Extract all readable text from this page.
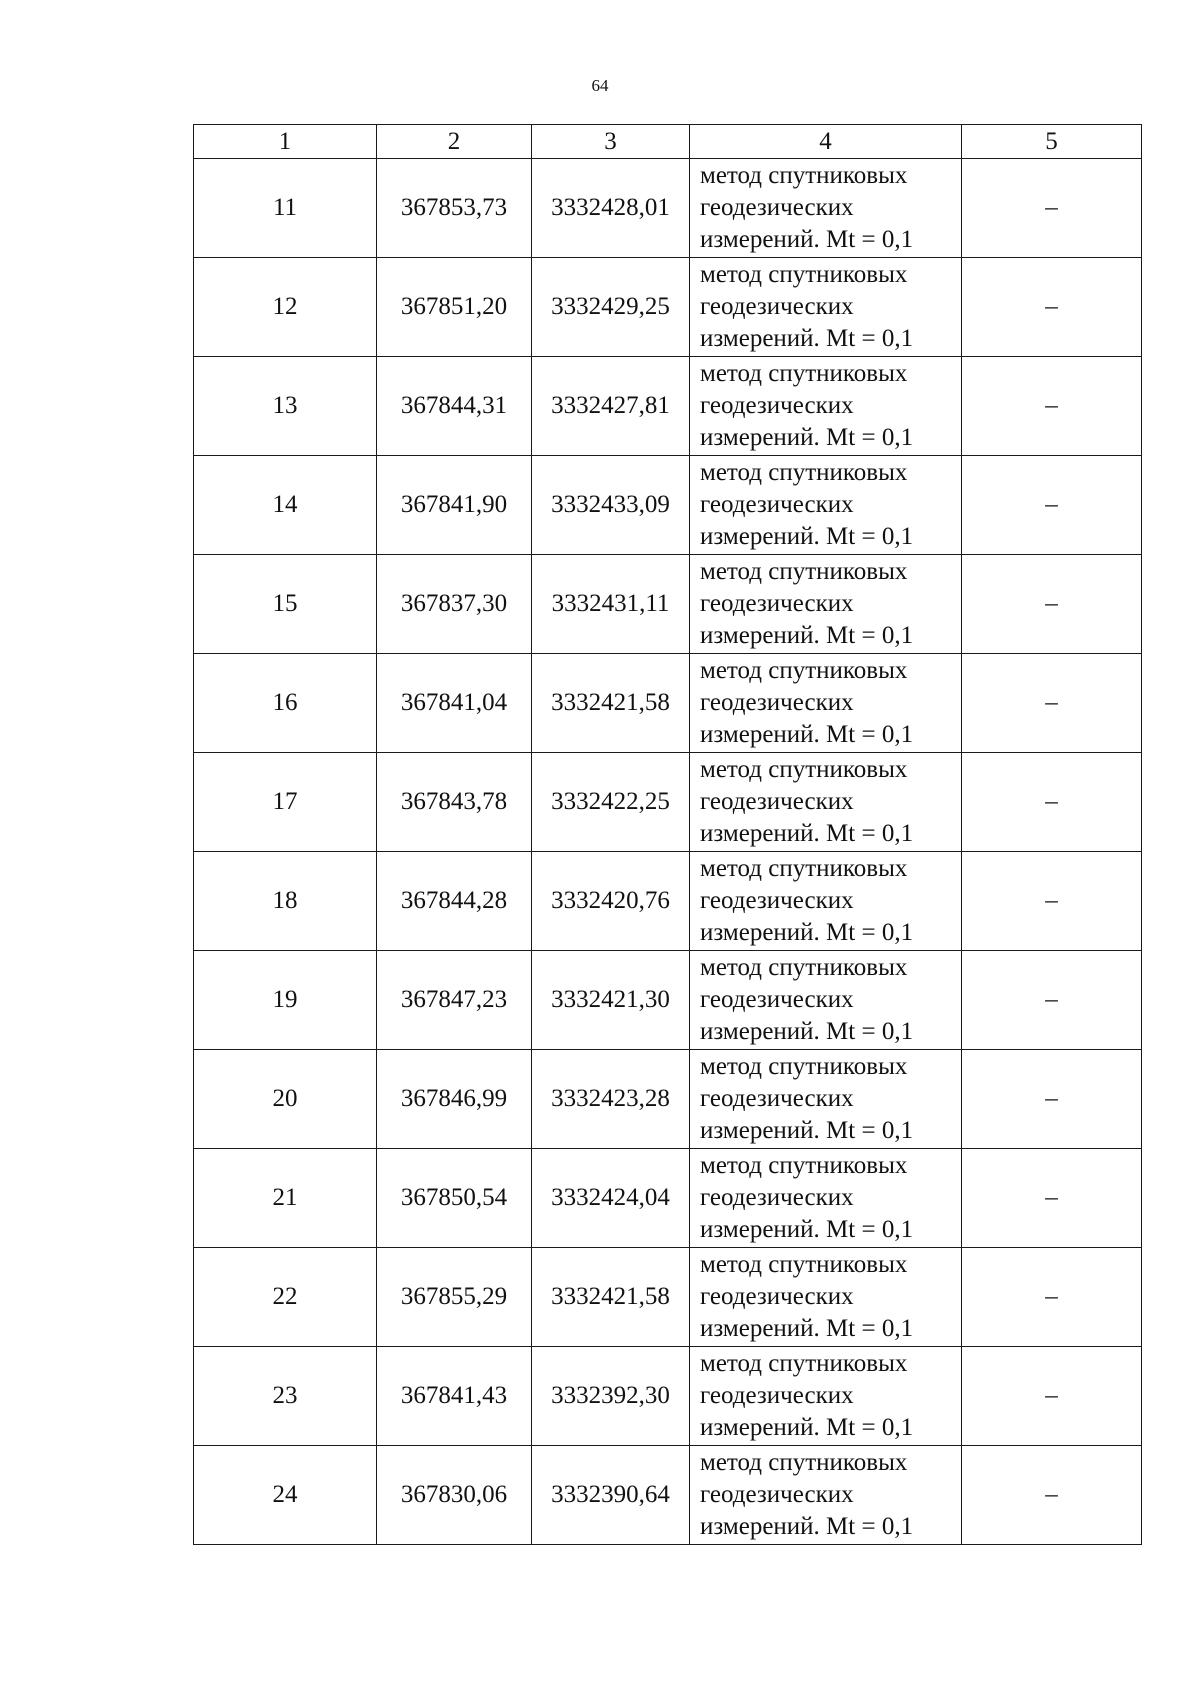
64
1	2	3	4	5
11	367853,73	3332428,01	метод спутниковых
геодезических
измерений. Mt = 0,1	–
12	367851,20	3332429,25	метод спутниковых
геодезических
измерений. Mt = 0,1	–
13	367844,31	3332427,81	метод спутниковых
геодезических
измерений. Mt = 0,1	–
14	367841,90	3332433,09	метод спутниковых
геодезических
измерений. Mt = 0,1	–
15	367837,30	3332431,11	метод спутниковых
геодезических
измерений. Mt = 0,1	–
16	367841,04	3332421,58	метод спутниковых
геодезических
измерений. Mt = 0,1	–
17	367843,78	3332422,25	метод спутниковых
геодезических
измерений. Mt = 0,1	–
18	367844,28	3332420,76	метод спутниковых
геодезических
измерений. Mt = 0,1	–
19	367847,23	3332421,30	метод спутниковых
геодезических
измерений. Mt = 0,1	–
20	367846,99	3332423,28	метод спутниковых
геодезических
измерений. Mt = 0,1	–
21	367850,54	3332424,04	метод спутниковых
геодезических
измерений. Mt = 0,1	–
22	367855,29	3332421,58	метод спутниковых
геодезических
измерений. Mt = 0,1	–
23	367841,43	3332392,30	метод спутниковых
геодезических
измерений. Mt = 0,1	–
24	367830,06	3332390,64	метод спутниковых
геодезических
измерений. Mt = 0,1	–
